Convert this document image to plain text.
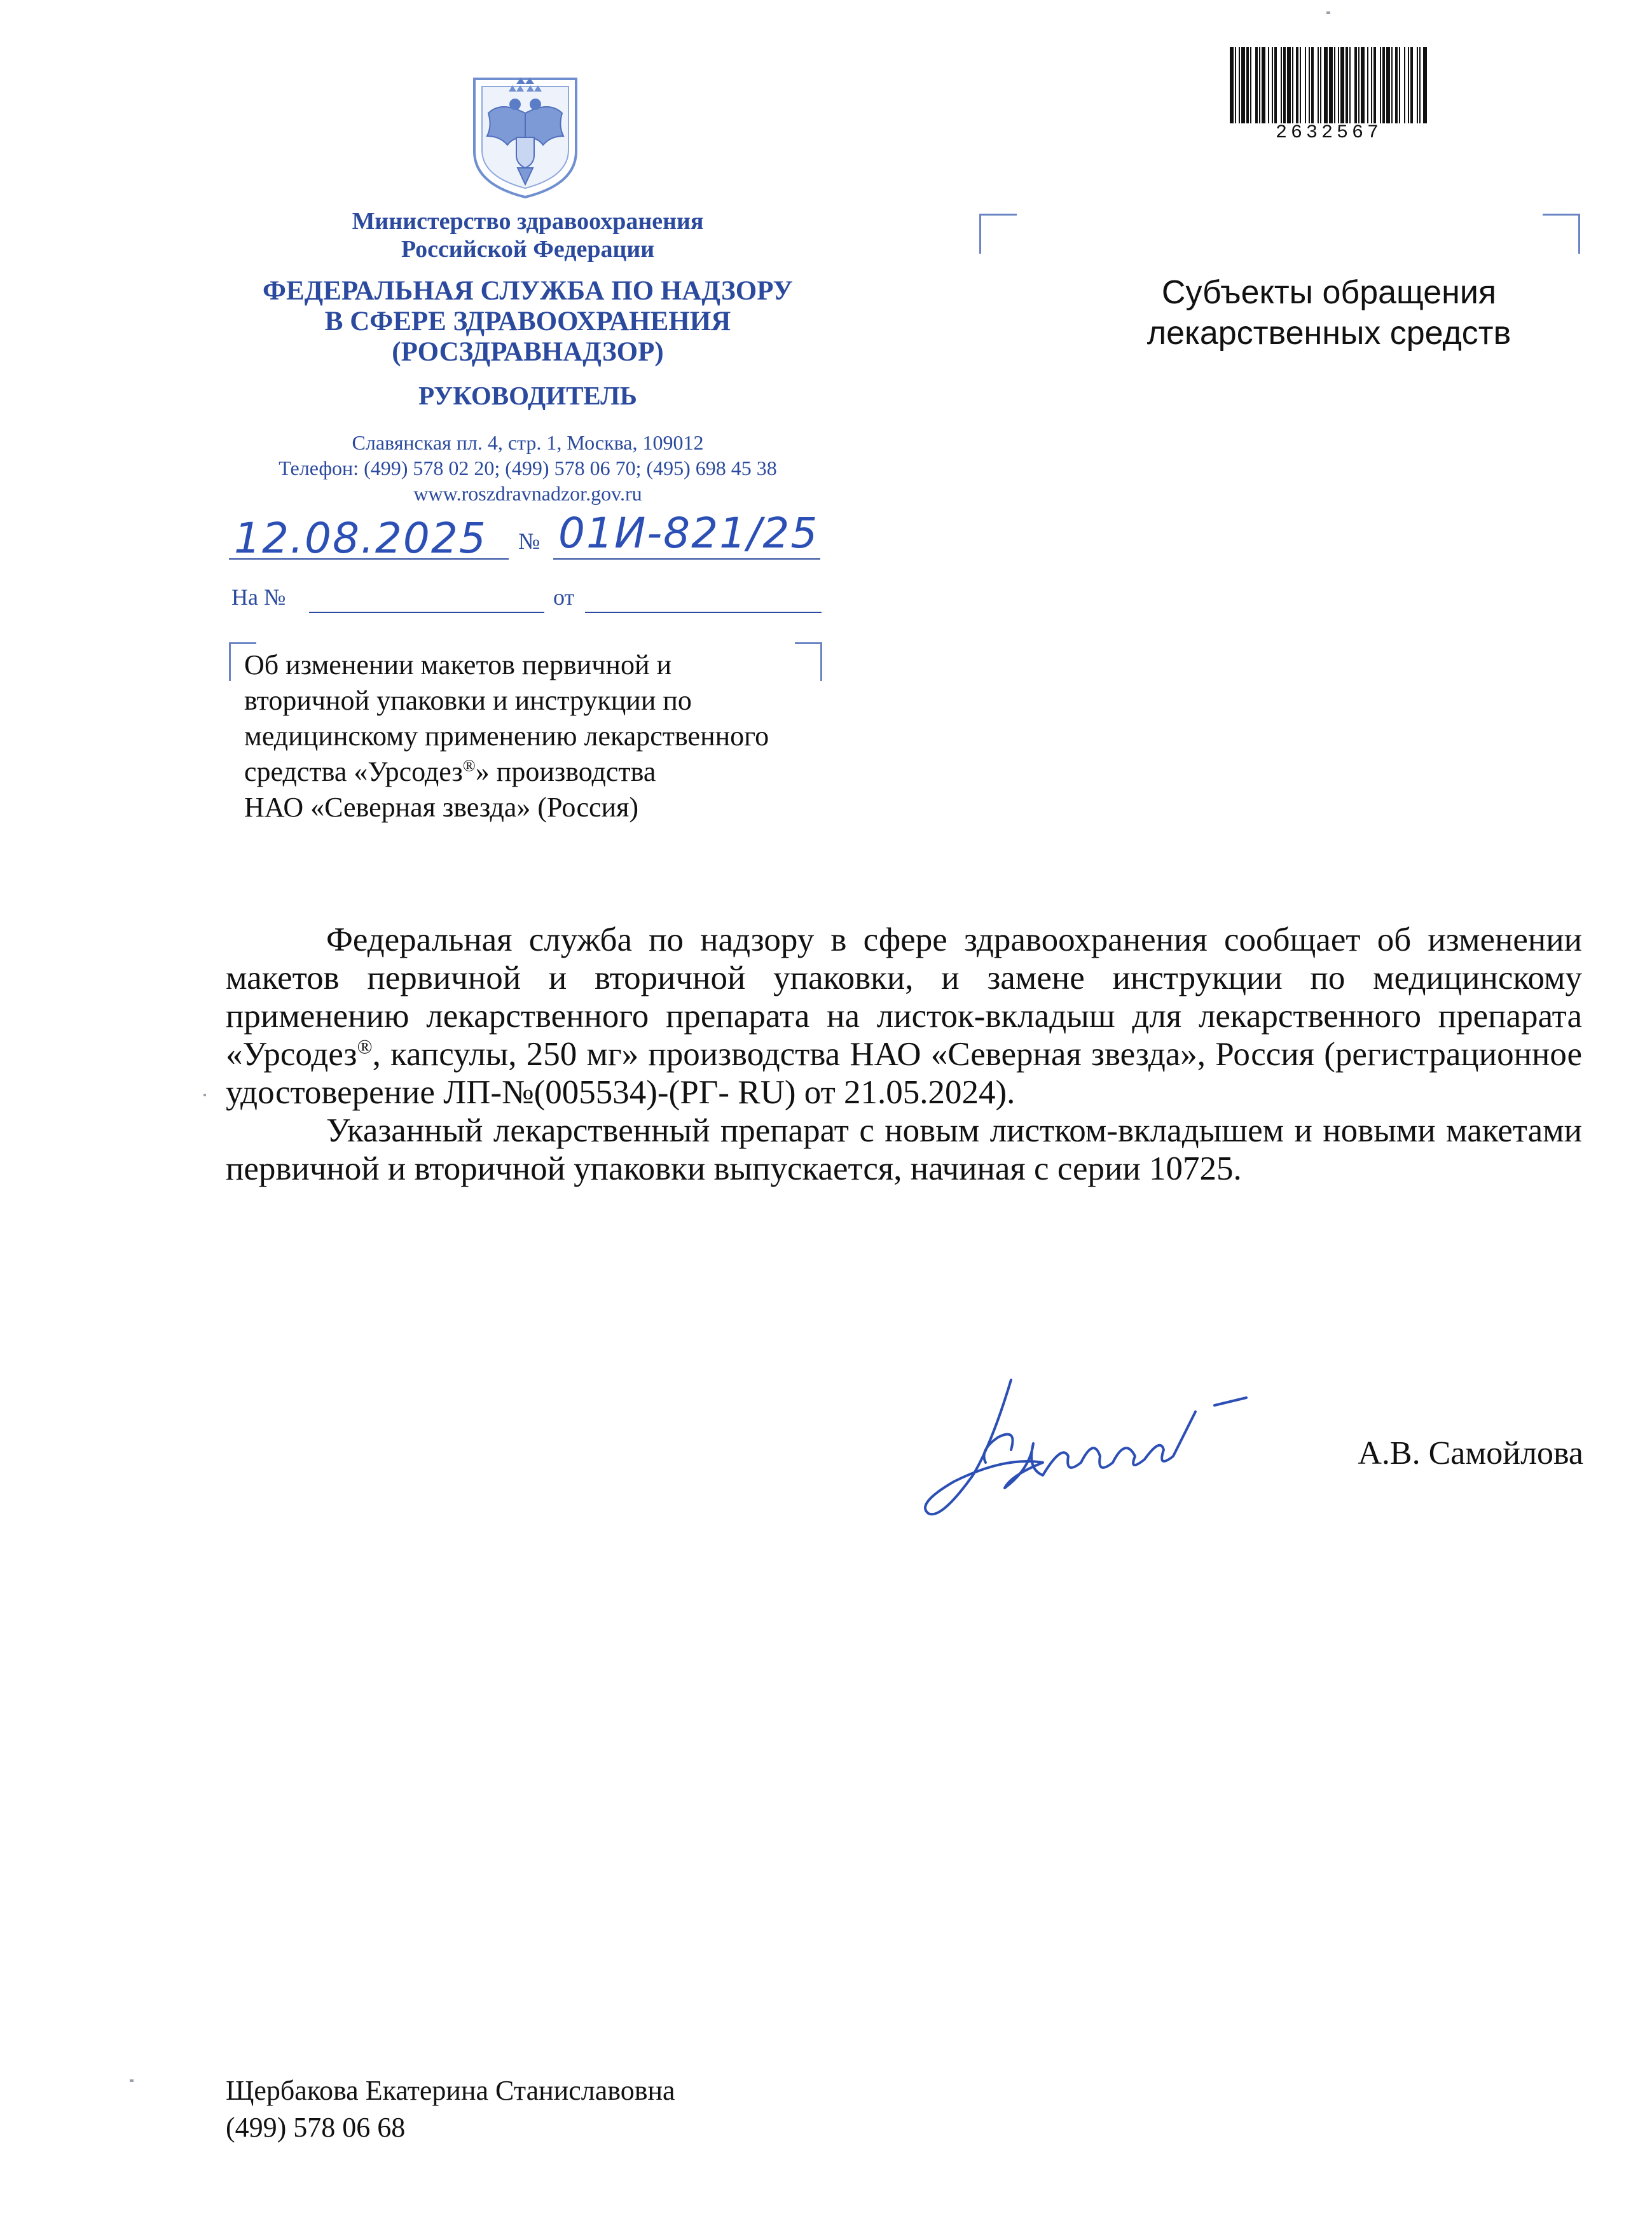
Министерство здравоохранения
Российской Федерации
ФЕДЕРАЛЬНАЯ СЛУЖБА ПО НАДЗОРУ
В СФЕРЕ ЗДРАВООХРАНЕНИЯ
(РОСЗДРАВНАДЗОР)
РУКОВОДИТЕЛЬ
Славянская пл. 4, стр. 1, Москва, 109012
Телефон: (499) 578 02 20; (499) 578 06 70; (495) 698 45 38
www.roszdravnadzor.gov.ru
12.08.2025 № 01И-821/25
На №	от
2632567
Субъекты обращения
лекарственных средств
Об изменении макетов первичной и
вторичной упаковки и инструкции по
медицинскому применению лекарственного
средства «Урсодез®» производства
НАО «Северная звезда» (Россия)

Федеральная служба по надзору в сфере здравоохранения сообщает об изменении макетов первичной и вторичной упаковки, и замене инструкции по медицинскому применению лекарственного препарата на листок-вкладыш для лекарственного препарата «Урсодез®, капсулы, 250 мг» производства НАО «Северная звезда», Россия (регистрационное удостоверение ЛП-№(005534)-(РГ- RU) от 21.05.2024).

Указанный лекарственный препарат с новым листком-вкладышем и новыми макетами первичной и вторичной упаковки выпускается, начиная с серии 10725.

А.В. Самойлова
Щербакова Екатерина Станиславовна
(499) 578 06 68
